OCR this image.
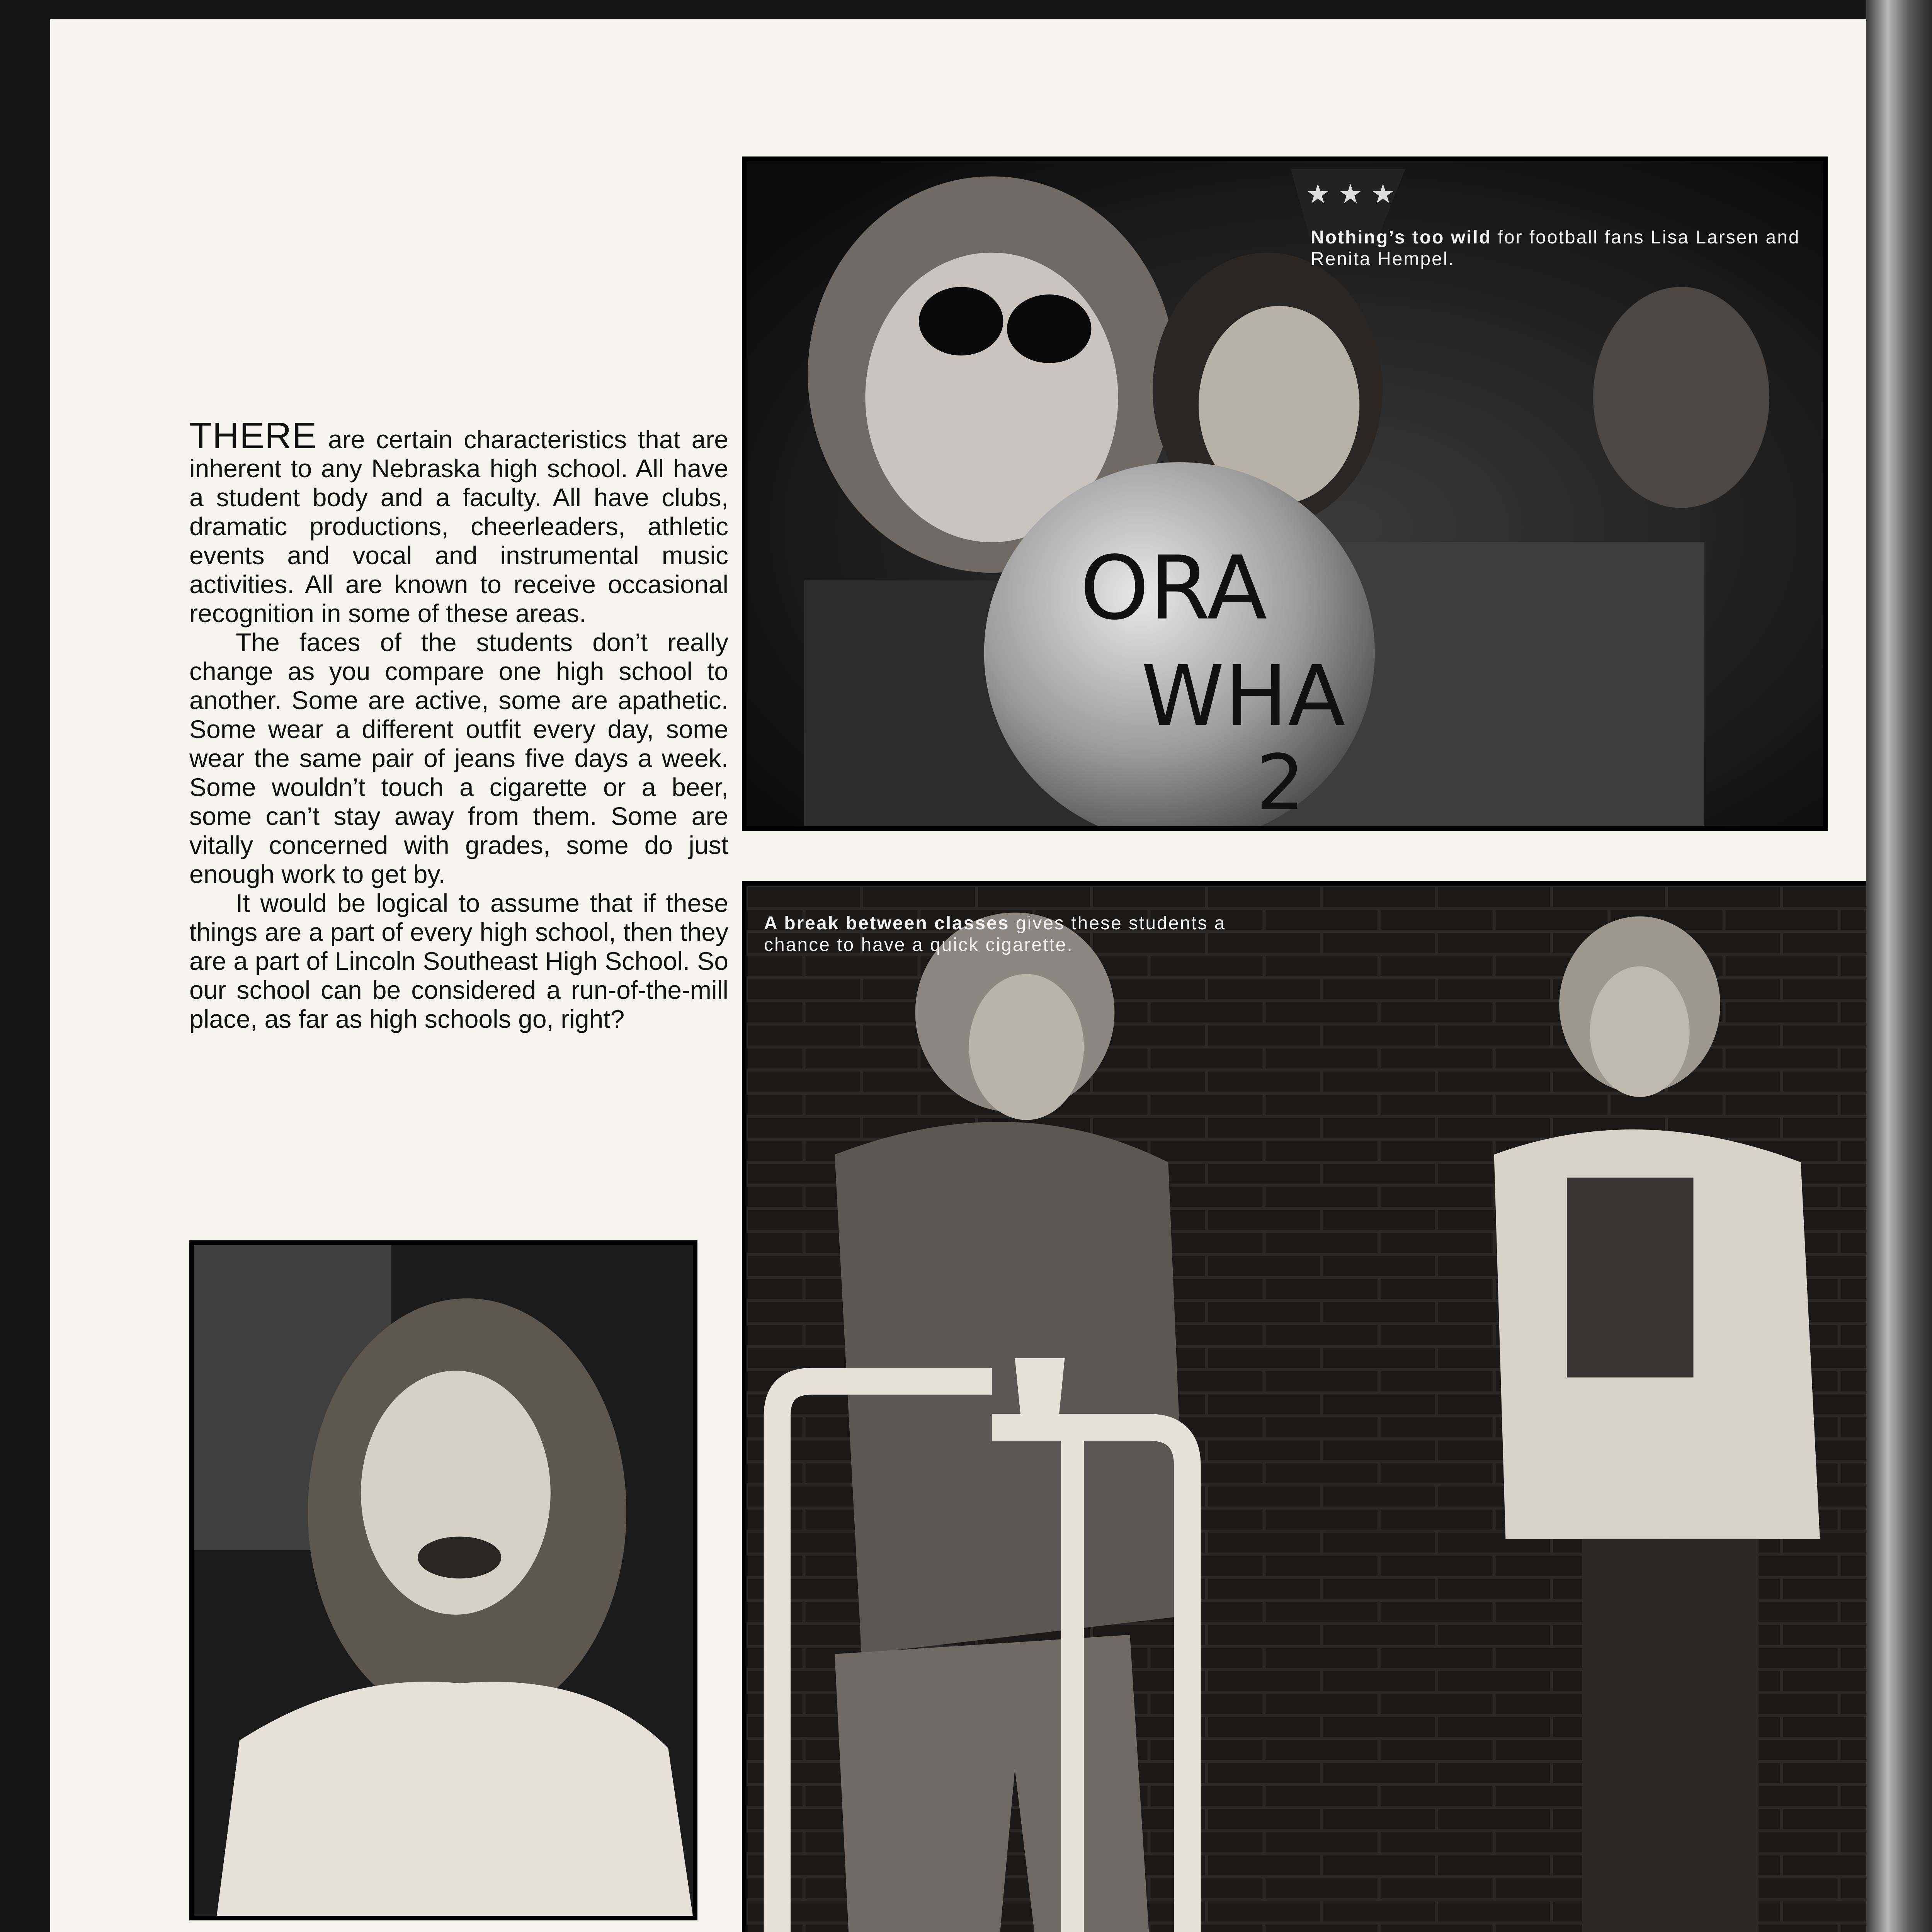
THERE are certain characteristics that are inherent to any Nebraska high school. All have a student body and a faculty. All have clubs, dramatic productions, cheerleaders, athletic events and vocal and instrumental music activities. All are known to receive occasional recognition in some of these areas.

The faces of the students don’t really change as you compare one high school to another. Some are active, some are apathetic. Some wear a different outfit every day, some wear the same pair of jeans five days a week. Some wouldn’t touch a cigarette or a beer, some can’t stay away from them. Some are vitally concerned with grades, some do just enough work to get by.

It would be logical to assume that if these things are a part of every high school, then they are a part of Lincoln Southeast High School. So our school can be considered a run-of-the-mill place, as far as high schools go, right?

★ ★ ★
ORA
WHA
2
Nothing’s too wild for football fans Lisa Larsen and Renita Hempel.
A break between classes gives these students a chance to have a quick cigarette.
